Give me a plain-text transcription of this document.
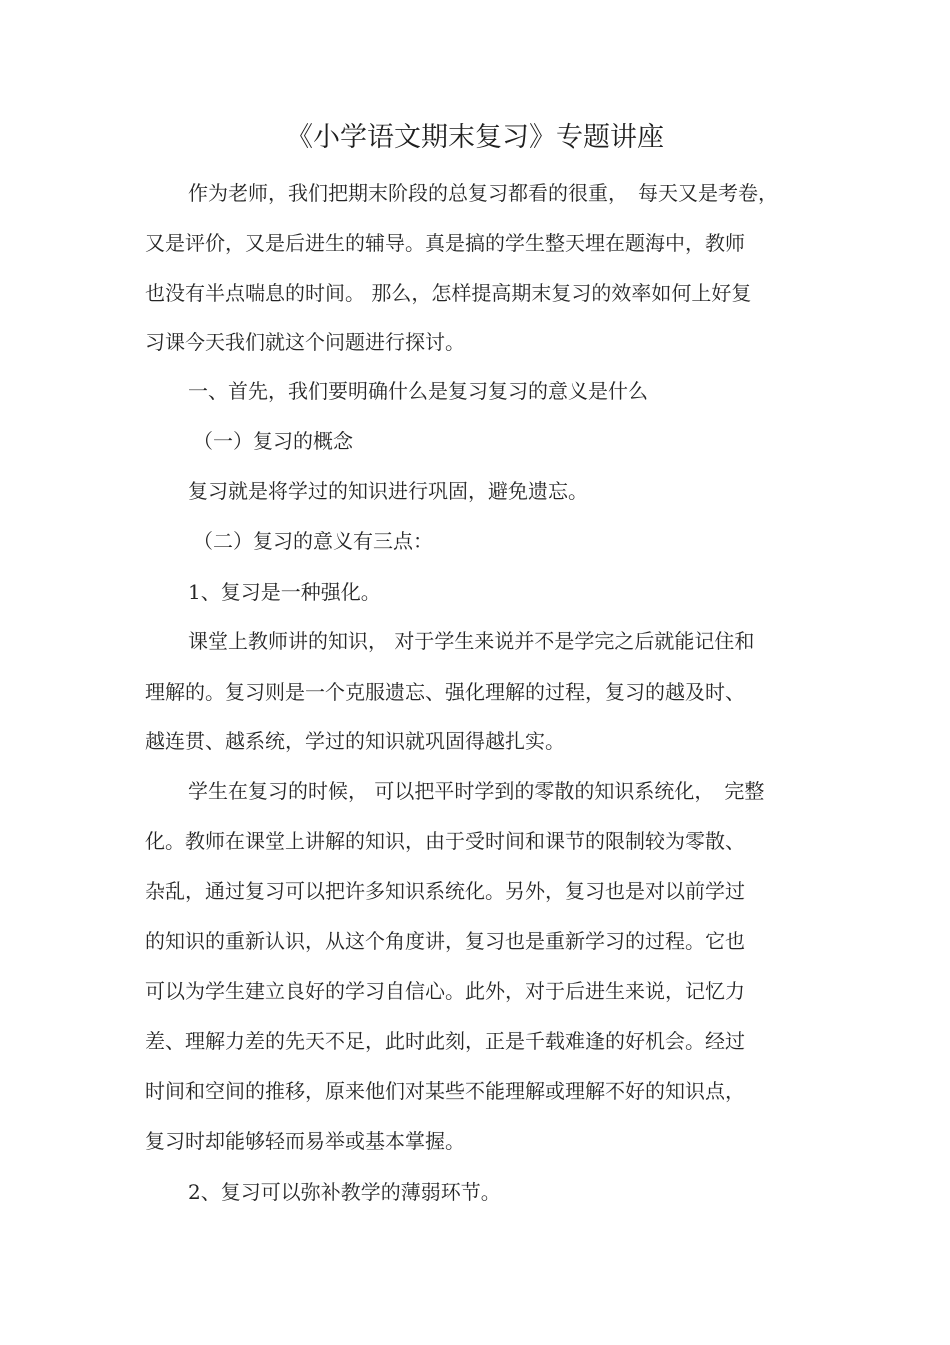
《小学语文期末复习》专题讲座
作为老师，我们把期末阶段的总复习都看的很重，　每天又是考卷，
又是评价，又是后进生的辅导。真是搞的学生整天埋在题海中，教师
也没有半点喘息的时间。 那么，怎样提高期末复习的效率如何上好复
习课今天我们就这个问题进行探讨。
一、首先，我们要明确什么是复习复习的意义是什么
（一）复习的概念
复习就是将学过的知识进行巩固，避免遗忘。
（二）复习的意义有三点：
1、复习是一种强化。
课堂上教师讲的知识， 对于学生来说并不是学完之后就能记住和
理解的。复习则是一个克服遗忘、强化理解的过程，复习的越及时、
越连贯、越系统，学过的知识就巩固得越扎实。
学生在复习的时候， 可以把平时学到的零散的知识系统化，　完整
化。教师在课堂上讲解的知识，由于受时间和课节的限制较为零散、
杂乱，通过复习可以把许多知识系统化。另外，复习也是对以前学过
的知识的重新认识，从这个角度讲，复习也是重新学习的过程。它也
可以为学生建立良好的学习自信心。此外，对于后进生来说，记忆力
差、理解力差的先天不足，此时此刻，正是千载难逢的好机会。经过
时间和空间的推移，原来他们对某些不能理解或理解不好的知识点，
复习时却能够轻而易举或基本掌握。
2、复习可以弥补教学的薄弱环节。
